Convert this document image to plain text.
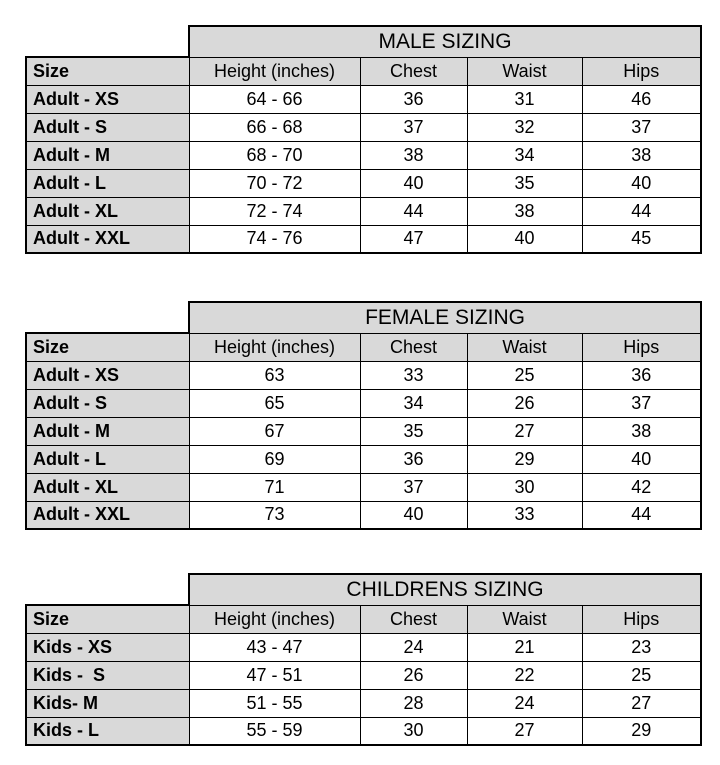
	MALE SIZING			
Size	Height (inches)	Chest	Waist	Hips
Adult - XS	64 - 66	36	31	46
Adult - S	66 - 68	37	32	37
Adult - M	68 - 70	38	34	38
Adult - L	70 - 72	40	35	40
Adult - XL	72 - 74	44	38	44
Adult - XXL	74 - 76	47	40	45
	FEMALE SIZING			
Size	Height (inches)	Chest	Waist	Hips
Adult - XS	63	33	25	36
Adult - S	65	34	26	37
Adult - M	67	35	27	38
Adult - L	69	36	29	40
Adult - XL	71	37	30	42
Adult - XXL	73	40	33	44
	CHILDRENS SIZING			
Size	Height (inches)	Chest	Waist	Hips
Kids - XS	43 - 47	24	21	23
Kids -  S	47 - 51	26	22	25
Kids- M	51 - 55	28	24	27
Kids - L	55 - 59	30	27	29
